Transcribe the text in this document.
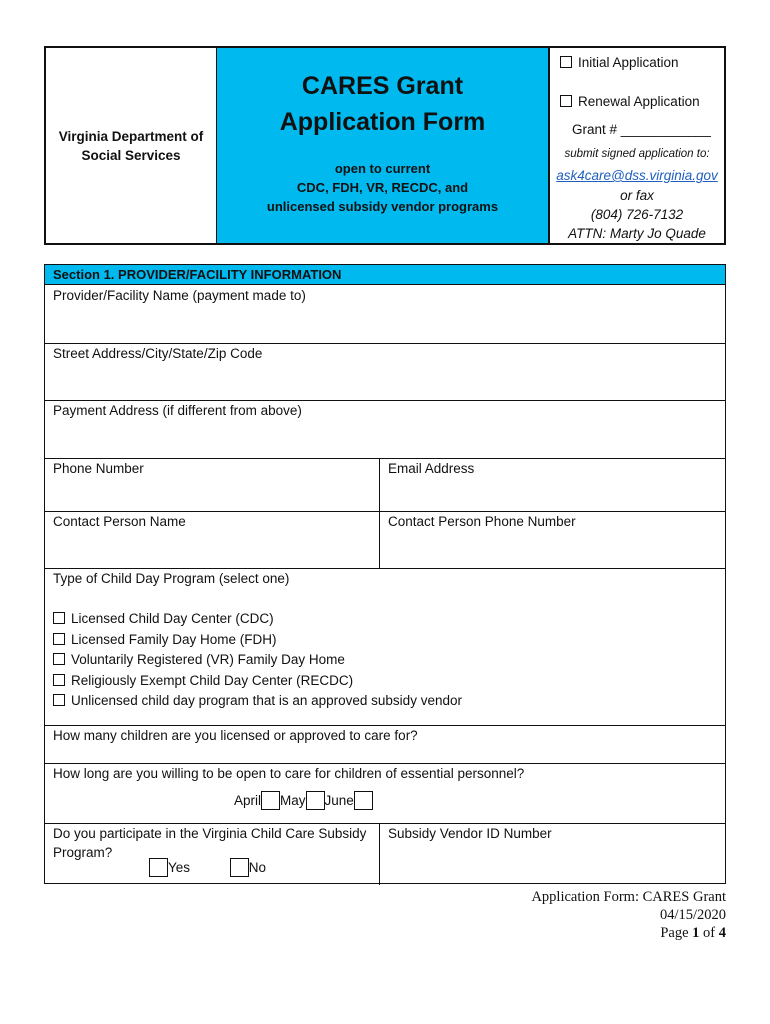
Virginia Department of
Social Services
CARES Grant
Application Form
open to current
CDC, FDH, VR, RECDC, and
unlicensed subsidy vendor programs
Initial Application
Renewal Application
Grant # ____________
submit signed application to:
ask4care@dss.virginia.gov
or fax
(804) 726-7132
ATTN: Marty Jo Quade
Section 1. PROVIDER/FACILITY INFORMATION
Provider/Facility Name (payment made to)
Street Address/City/State/Zip Code
Payment Address (if different from above)
Phone Number	Email Address
Contact Person Name	Contact Person Phone Number
Type of Child Day Program (select one)
Licensed Child Day Center (CDC)
Licensed Family Day Home (FDH)
Voluntarily Registered (VR) Family Day Home
Religiously Exempt Child Day Center (RECDC)
Unlicensed child day program that is an approved subsidy vendor
How many children are you licensed or approved to care for?
How long are you willing to be open to care for children of essential personnel?
April May June
Do you participate in the Virginia Child Care Subsidy
Program?
Yes	No
Subsidy Vendor ID Number
Application Form: CARES Grant
04/15/2020
Page 1 of 4
